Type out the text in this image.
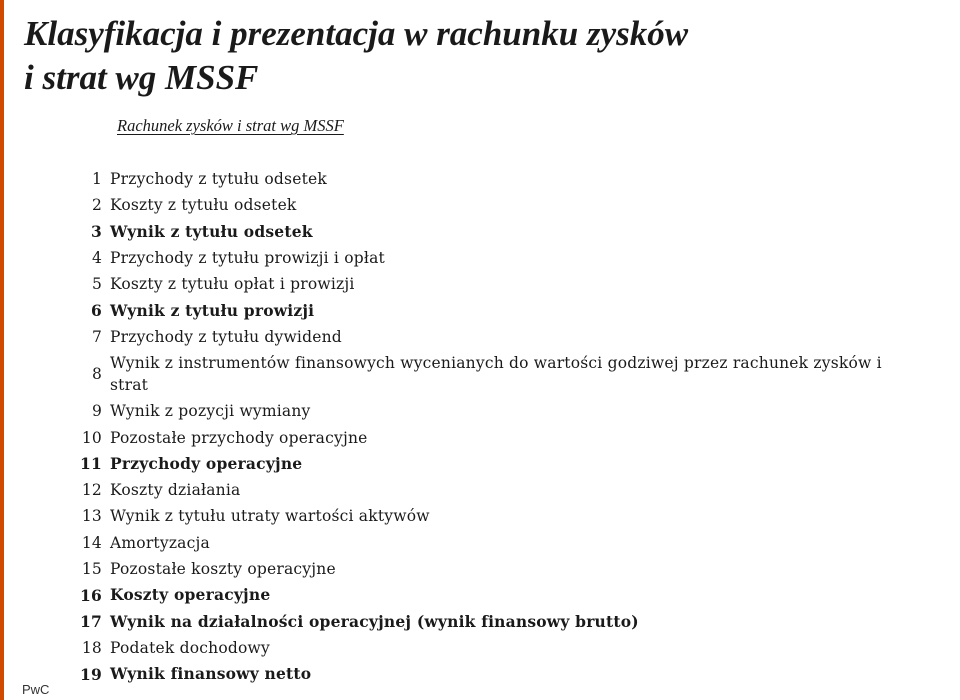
Klasyfikacja i prezentacja w rachunku zysków
i strat wg MSSF
Rachunek zysków i strat wg MSSF
1 Przychody z tytułu odsetek
2 Koszty z tytułu odsetek
3 Wynik z tytułu odsetek
4 Przychody z tytułu prowizji i opłat
5 Koszty z tytułu opłat i prowizji
6 Wynik z tytułu prowizji
7 Przychody z tytułu dywidend
8
Wynik z instrumentów finansowych wycenianych do wartości godziwej przez rachunek zysków i strat
9 Wynik z pozycji wymiany
10 Pozostałe przychody operacyjne
11 Przychody operacyjne
12 Koszty działania
13 Wynik z tytułu utraty wartości aktywów
14 Amortyzacja
15 Pozostałe koszty operacyjne
16 Koszty operacyjne
17 Wynik na działalności operacyjnej (wynik finansowy brutto)
18 Podatek dochodowy
19 Wynik finansowy netto
PwC
